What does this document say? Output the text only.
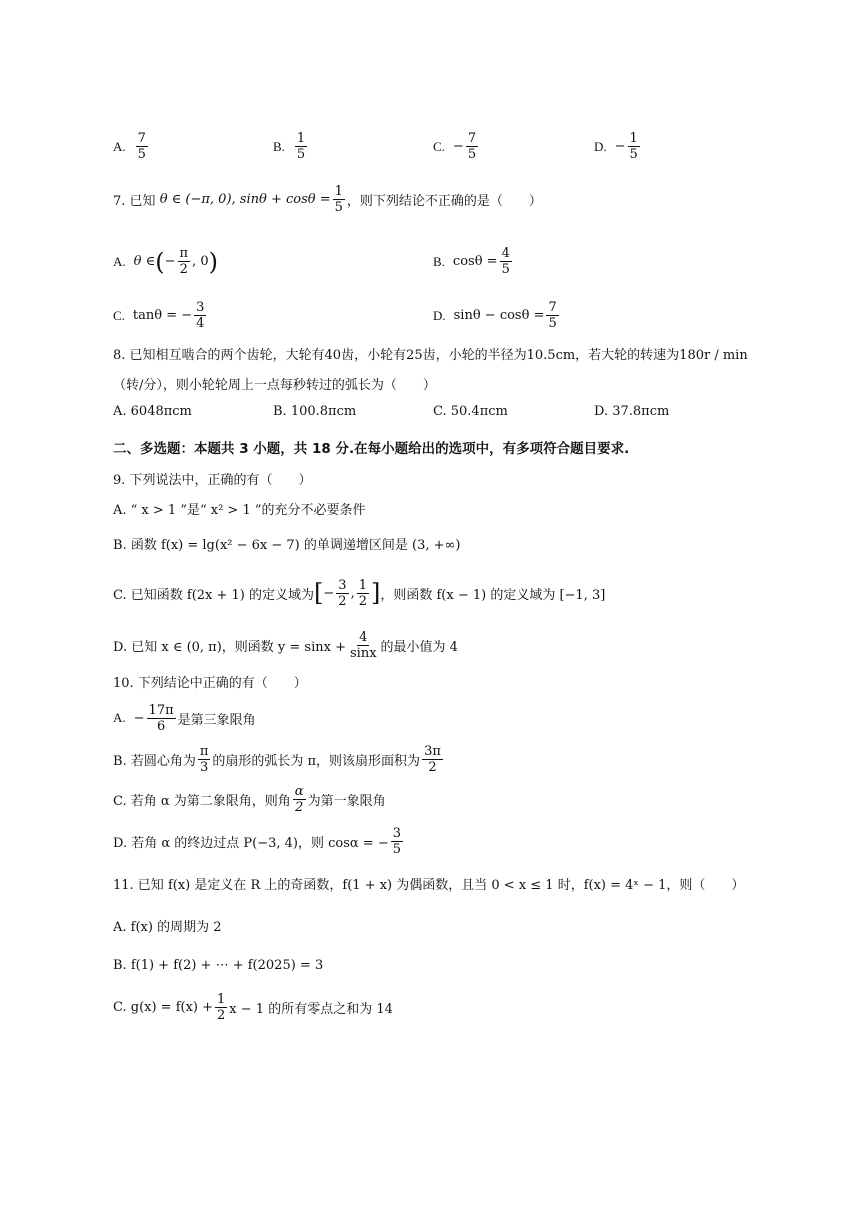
A. $\frac{7}{5}$	B. $\frac{1}{5}$	C. − $\frac{7}{5}$	D. − $\frac{1}{5}$
7. 已知
θ ∈ (−π, 0), $\sin\theta + \cos\theta = \frac{1}{5}$ ，则下列结论不正确的是（　　）
A. θ ∈ ( − $\frac{\pi}{2}$ , 0 )	B. $\cos\theta = \frac{4}{5}$
C. tanθ = − $\frac{3}{4}$	D. $\sin\theta - \cos\theta = \frac{7}{5}$
8. 已知相互啮合的两个齿轮，大轮有40齿，小轮有25齿，小轮的半径为10.5cm，若大轮的转速为180r / min
（转/分），则小轮轮周上一点每秒转过的弧长为（　　）
A. 6048πcm	B. 100.8πcm	C. 50.4πcm	D. 37.8πcm
二、多选题：本题共 3 小题，共 18 分.在每小题给出的选项中，有多项符合题目要求.
9. 下列说法中，正确的有（　　）
A. “ x > 1 ”是“ x² > 1 ”的充分不必要条件
B. 函数 f(x) = lg(x² − 6x − 7) 的单调递增区间是 (3, +∞)
C. 已知函数 f(2x + 1) 的定义域为 [ − $\frac{3}{2}$ , $\frac{1}{2}$ ] ，则函数 f(x − 1) 的定义域为 [−1, 3]
D. 已知 x ∈ (0, π)，则函数 $y = \sin x + \frac{4}{\sin x}$ 的最小值为 4
10. 下列结论中正确的有（　　）
A. − $\frac{17\pi}{6}$ 是第三象限角
B. 若圆心角为 $\frac{\pi}{3}$ 的扇形的弧长为 π，则该扇形面积为 $\frac{3\pi}{2}$
C. 若角 α 为第二象限角，则角 $\frac{\alpha}{2}$ 为第一象限角
D. 若角 α 的终边过点 P(−3, 4)，则 cosα = − $\frac{3}{5}$
11. 已知 f(x) 是定义在 R 上的奇函数，f(1 + x) 为偶函数，且当 0 < x ≤ 1 时，f(x) = 4ˣ − 1，则（　　）
A. f(x) 的周期为 2
B. f(1) + f(2) + ⋯ + f(2025) = 3
C. $g(x) = f(x) + \frac{1}{2}$ x − 1 的所有零点之和为 14
